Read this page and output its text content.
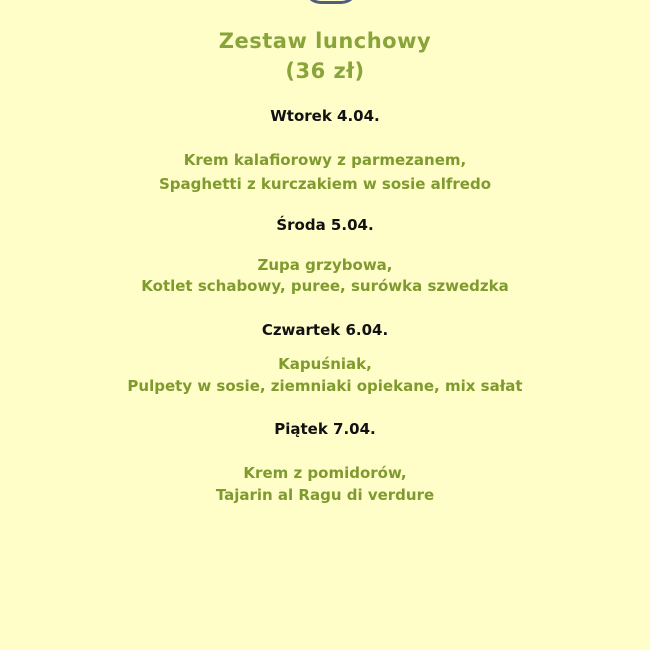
Zestaw lunchowy
(36 zł)
Wtorek 4.04.
Krem kalafiorowy z parmezanem,
Spaghetti z kurczakiem w sosie alfredo
Środa 5.04.
Zupa grzybowa,
Kotlet schabowy, puree, surówka szwedzka
Czwartek 6.04.
Kapuśniak,
Pulpety w sosie, ziemniaki opiekane, mix sałat
Piątek 7.04.
Krem z pomidorów,
Tajarin al Ragu di verdure
